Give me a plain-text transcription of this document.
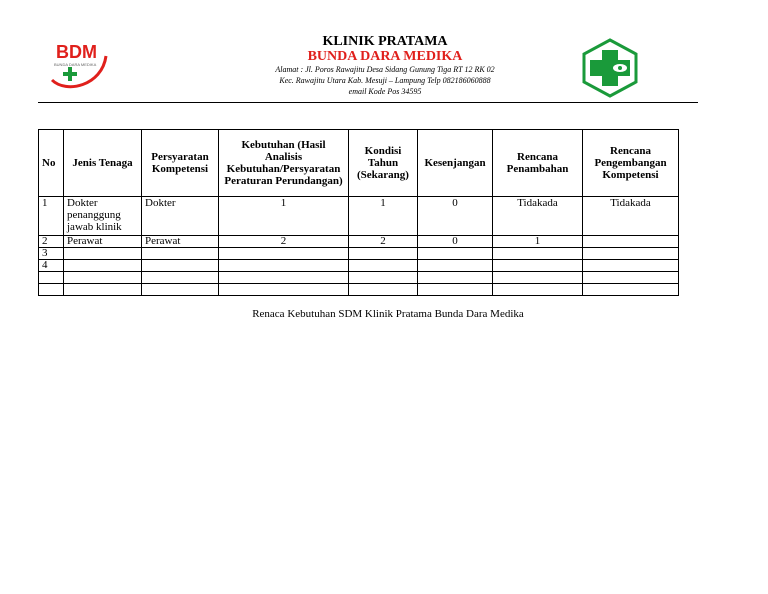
BDM
BUNDA DARA MEDIKA
KLINIK PRATAMA
BUNDA DARA MEDIKA
Alamat : Jl. Poros Rawajitu Desa Sidang Gunung Tiga RT 12 RK 02
Kec. Rawajitu Utara Kab. Mesuji – Lampung Telp 082186060888
email Kode Pos 34595
No	Jenis Tenaga	Persyaratan Kompetensi	Kebutuhan (Hasil Analisis Kebutuhan/Persyaratan Peraturan Perundangan)	Kondisi Tahun (Sekarang)	Kesenjangan	Rencana Penambahan	Rencana Pengembangan Kompetensi
1	Dokter penanggung jawab klinik	Dokter	1	1	0	Tidakada	Tidakada
2	Perawat	Perawat	2	2	0	1	
3							
4							

Renaca Kebutuhan SDM Klinik Pratama Bunda Dara Medika
